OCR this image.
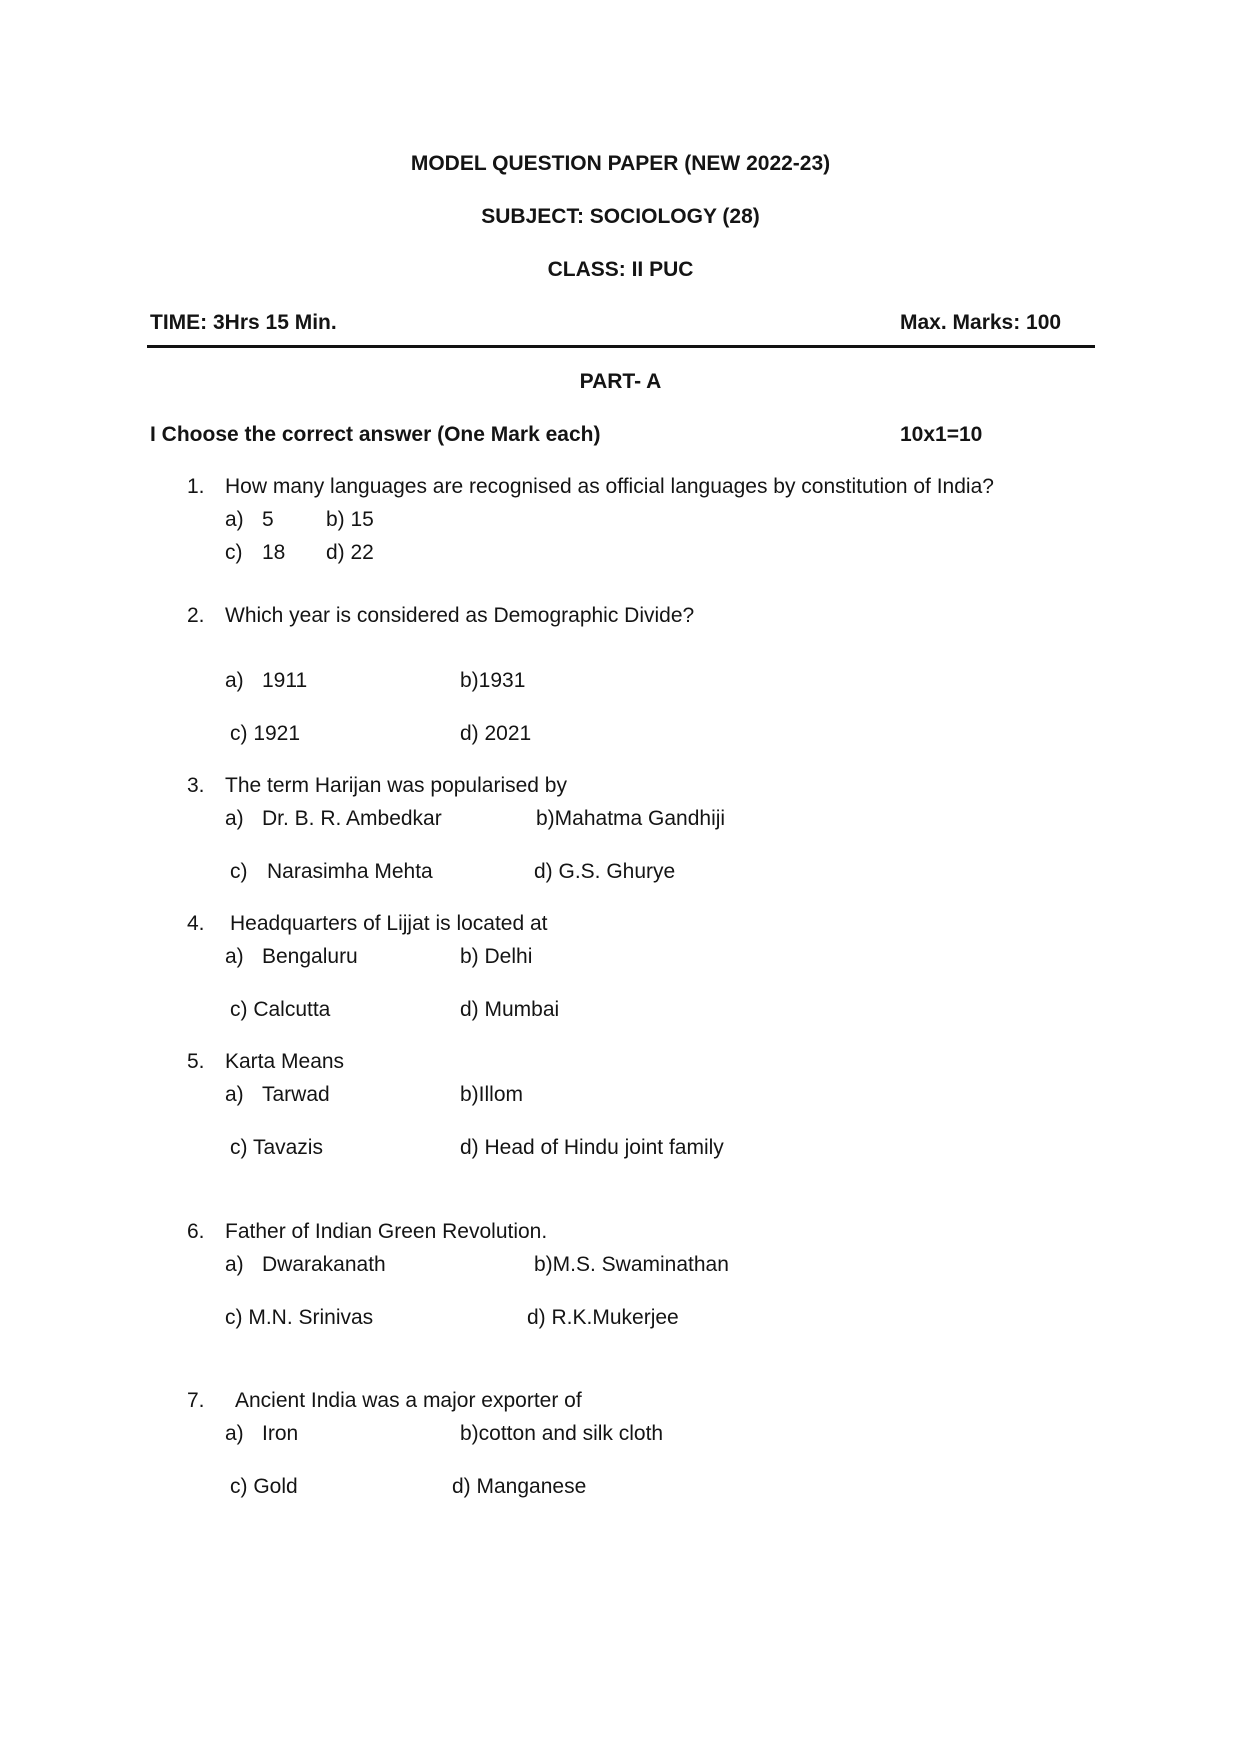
MODEL QUESTION PAPER (NEW 2022-23)
SUBJECT: SOCIOLOGY (28)
CLASS: II PUC
TIME: 3Hrs 15 Min.	Max. Marks: 100
PART- A
I Choose the correct answer (One Mark each)	10x1=10
1. How many languages are recognised as official languages by constitution of India?
a) 5 b) 15
c) 18 d) 22
2. Which year is considered as Demographic Divide?
a) 1911	b)1931
c) 1921	d) 2021
3. The term Harijan was popularised by
a) Dr. B. R. Ambedkar	b)Mahatma Gandhiji
c) Narasimha Mehta	d) G.S. Ghurye
4. Headquarters of Lijjat is located at
a) Bengaluru	b) Delhi
c) Calcutta	d) Mumbai
5. Karta Means
a) Tarwad	b)Illom
c) Tavazis	d) Head of Hindu joint family
6. Father of Indian Green Revolution.
a) Dwarakanath	b)M.S. Swaminathan
c) M.N. Srinivas	d) R.K.Mukerjee
7. Ancient India was a major exporter of
a) Iron	b)cotton and silk cloth
c) Gold	d) Manganese
